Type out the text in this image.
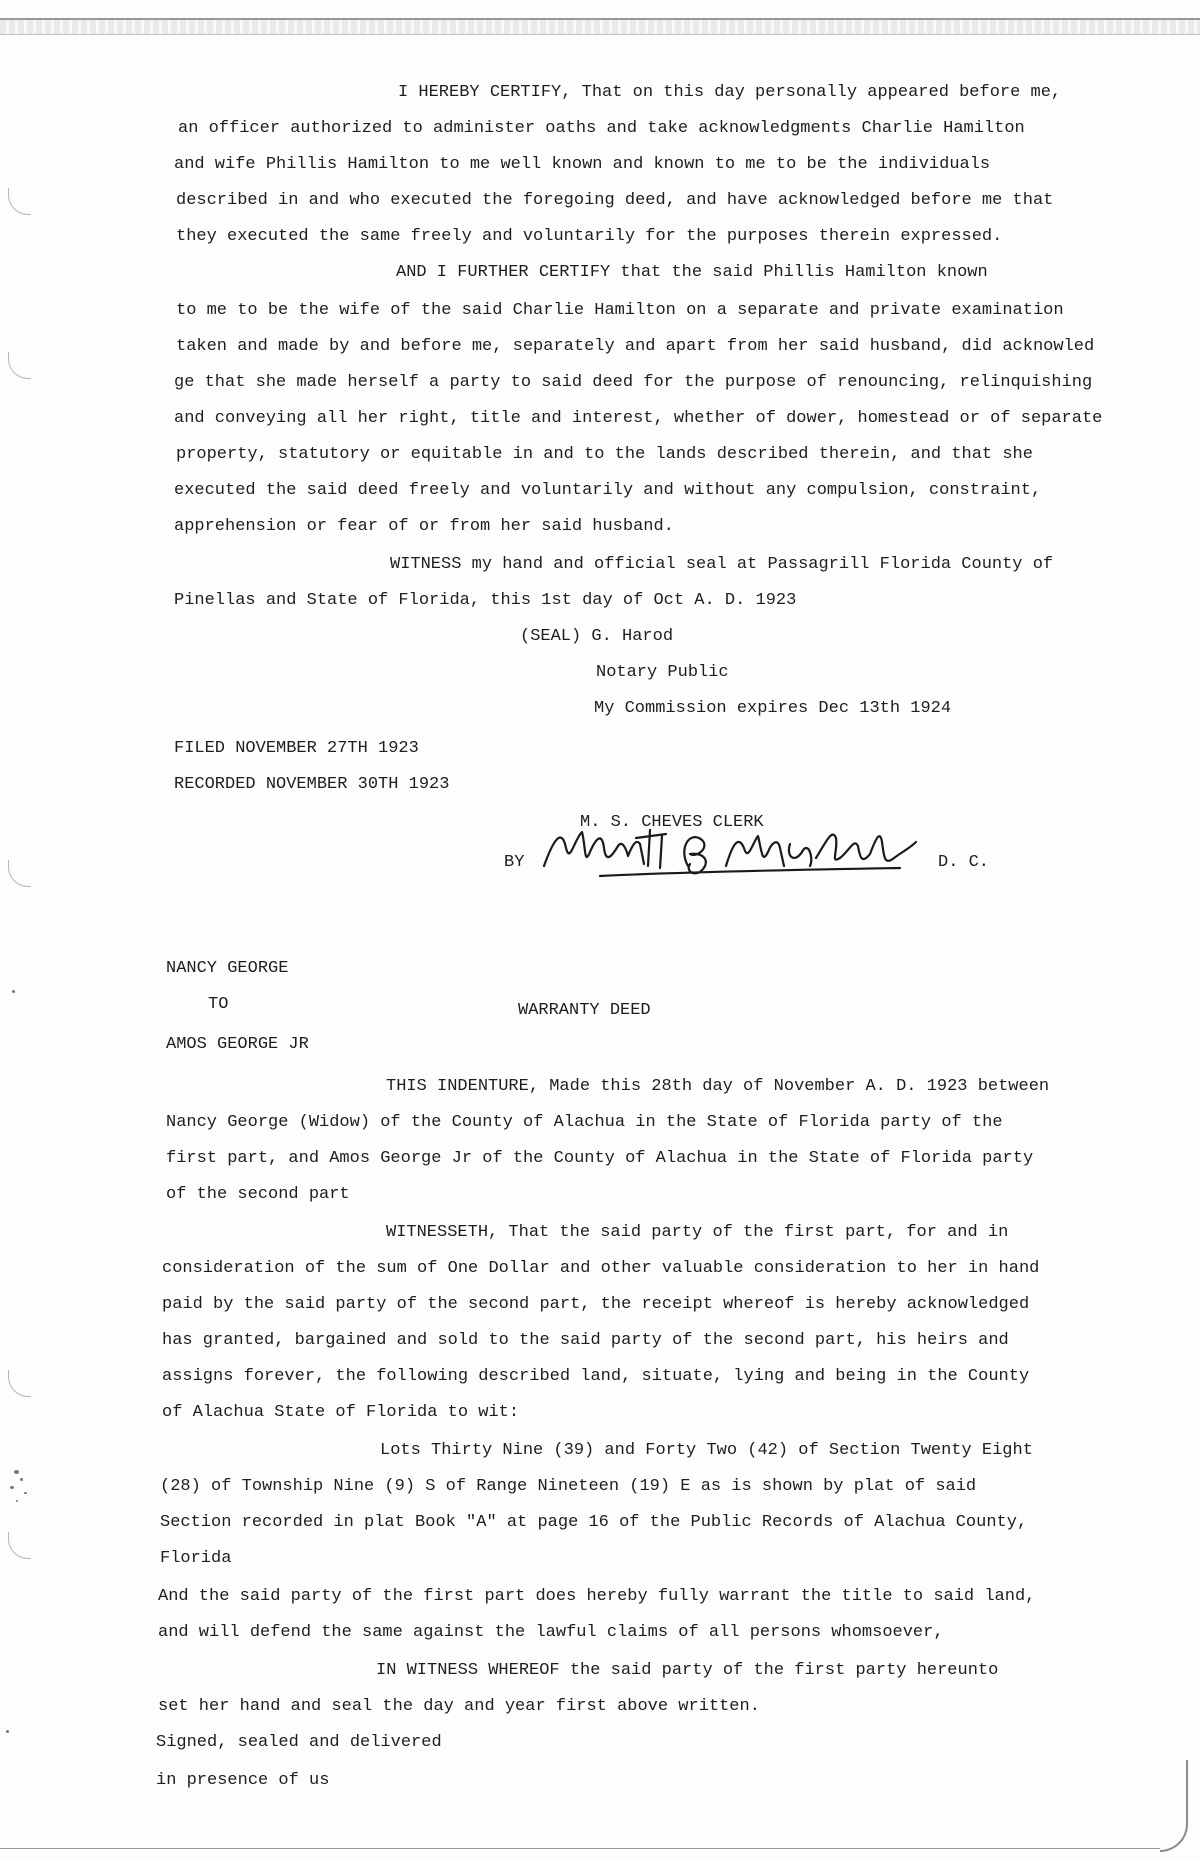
I HEREBY CERTIFY, That on this day personally appeared before me,

an officer authorized to administer oaths and take acknowledgments Charlie Hamilton

and wife Phillis Hamilton to me well known and known to me to be the individuals

described in and who executed the foregoing deed, and have acknowledged before me that

they executed the same freely and voluntarily for the purposes therein expressed.

AND I FURTHER CERTIFY that the said Phillis Hamilton known

to me to be the wife of the said Charlie Hamilton on a separate and private examination

taken and made by and before me, separately and apart from her said husband, did acknowled

ge that she made herself a party to said deed for the purpose of renouncing, relinquishing

and conveying all her right, title and interest, whether of dower, homestead or of separate

property, statutory or equitable in and to the lands described therein, and that she

executed the said deed freely and voluntarily and without any compulsion, constraint,

apprehension or fear of or from her said husband.

WITNESS my hand and official seal at Passagrill Florida County of

Pinellas and State of Florida, this 1st day of Oct A. D. 1923

(SEAL) G. Harod

Notary Public

My Commission expires Dec 13th 1924

FILED NOVEMBER 27TH 1923

RECORDED NOVEMBER 30TH 1923

M. S. CHEVES CLERK

BY	D. C.

NANCY GEORGE

TO	WARRANTY DEED

AMOS GEORGE JR

THIS INDENTURE, Made this 28th day of November A. D. 1923 between

Nancy George (Widow) of the County of Alachua in the State of Florida party of the

first part, and Amos George Jr of the County of Alachua in the State of Florida party

of the second part

WITNESSETH, That the said party of the first part, for and in

consideration of the sum of One Dollar and other valuable consideration to her in hand

paid by the said party of the second part, the receipt whereof is hereby acknowledged

has granted, bargained and sold to the said party of the second part, his heirs and

assigns forever, the following described land, situate, lying and being in the County

of Alachua State of Florida to wit:

Lots Thirty Nine (39) and Forty Two (42) of Section Twenty Eight

(28) of Township Nine (9) S of Range Nineteen (19) E as is shown by plat of said

Section recorded in plat Book "A" at page 16 of the Public Records of Alachua County,

Florida

And the said party of the first part does hereby fully warrant the title to said land,

and will defend the same against the lawful claims of all persons whomsoever,

IN WITNESS WHEREOF the said party of the first party hereunto

set her hand and seal the day and year first above written.

Signed, sealed and delivered

in presence of us
